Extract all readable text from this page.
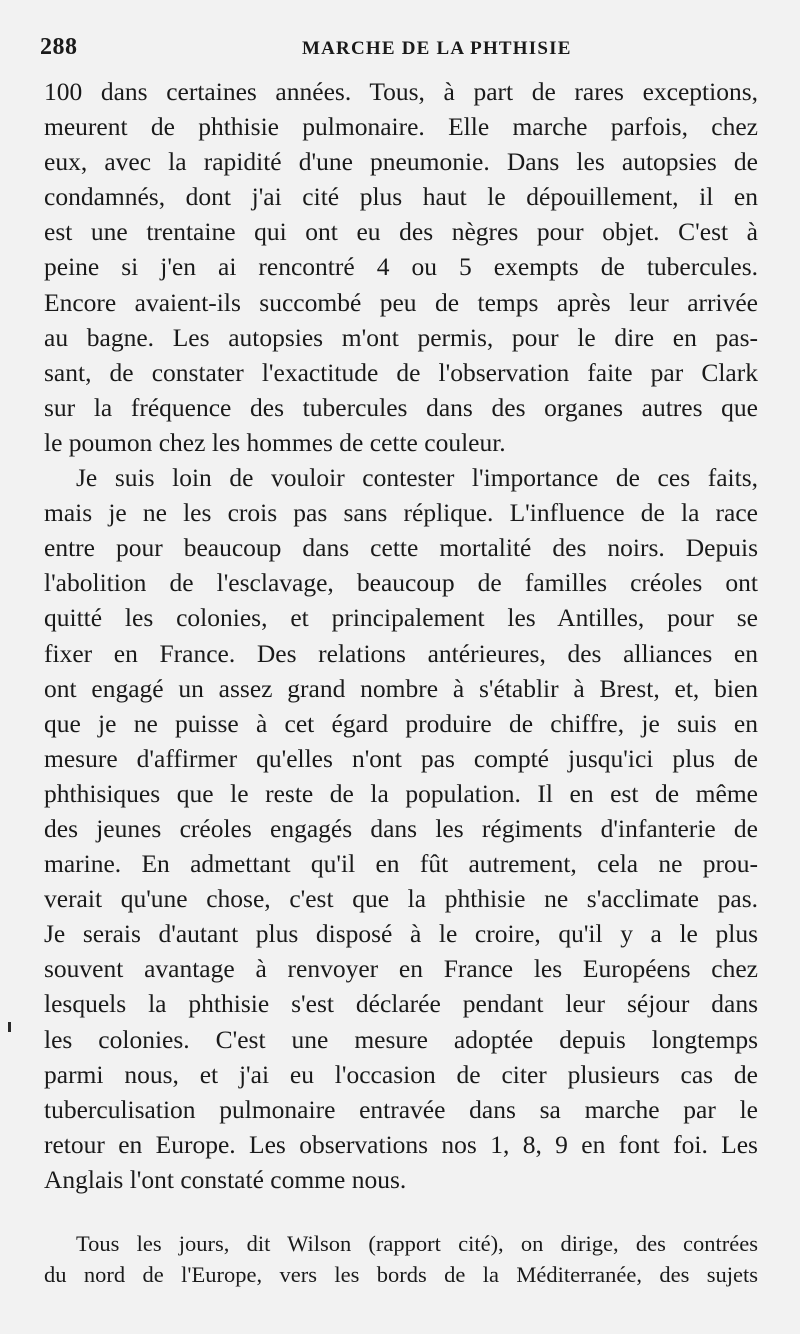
288	MARCHE DE LA PHTHISIE
100 dans certaines années. Tous, à part de rares exceptions,
meurent de phthisie pulmonaire. Elle marche parfois, chez
eux, avec la rapidité d'une pneumonie. Dans les autopsies de
condamnés, dont j'ai cité plus haut le dépouillement, il en
est une trentaine qui ont eu des nègres pour objet. C'est à
peine si j'en ai rencontré 4 ou 5 exempts de tubercules.
Encore avaient-ils succombé peu de temps après leur arrivée
au bagne. Les autopsies m'ont permis, pour le dire en pas-
sant, de constater l'exactitude de l'observation faite par Clark
sur la fréquence des tubercules dans des organes autres que
le poumon chez les hommes de cette couleur.
Je suis loin de vouloir contester l'importance de ces faits,
mais je ne les crois pas sans réplique. L'influence de la race
entre pour beaucoup dans cette mortalité des noirs. Depuis
l'abolition de l'esclavage, beaucoup de familles créoles ont
quitté les colonies, et principalement les Antilles, pour se
fixer en France. Des relations antérieures, des alliances en
ont engagé un assez grand nombre à s'établir à Brest, et, bien
que je ne puisse à cet égard produire de chiffre, je suis en
mesure d'affirmer qu'elles n'ont pas compté jusqu'ici plus de
phthisiques que le reste de la population. Il en est de même
des jeunes créoles engagés dans les régiments d'infanterie de
marine. En admettant qu'il en fût autrement, cela ne prou-
verait qu'une chose, c'est que la phthisie ne s'acclimate pas.
Je serais d'autant plus disposé à le croire, qu'il y a le plus
souvent avantage à renvoyer en France les Européens chez
lesquels la phthisie s'est déclarée pendant leur séjour dans
les colonies. C'est une mesure adoptée depuis longtemps
parmi nous, et j'ai eu l'occasion de citer plusieurs cas de
tuberculisation pulmonaire entravée dans sa marche par le
retour en Europe. Les observations nos 1, 8, 9 en font foi. Les
Anglais l'ont constaté comme nous.
Tous les jours, dit Wilson (rapport cité), on dirige, des contrées
du nord de l'Europe, vers les bords de la Méditerranée, des sujets
